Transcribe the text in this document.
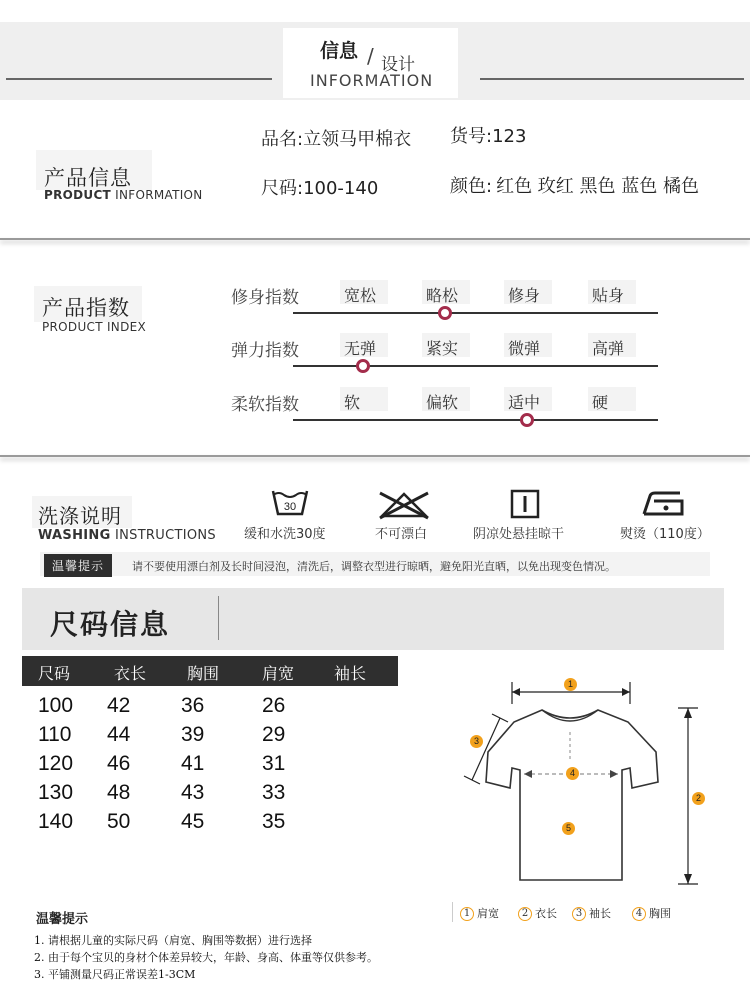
信息 / 设计
INFORMATION
产品信息
PRODUCT INFORMATION
品名:立领马甲棉衣 货号:123
尺码:100-140	颜色: 红色 玫红 黑色 蓝色 橘色
产品指数
PRODUCT INDEX
修身指数	宽松	略松	修身	贴身
弹力指数	无弹	紧实	微弹	高弹
柔软指数	软	偏软	适中	硬
洗涤说明
WASHING INSTRUCTIONS
30
缓和水洗30度	不可漂白	阴凉处悬挂晾干	熨烫（110度）
温馨提示	请不要使用漂白剂及长时间浸泡，清洗后，调整衣型进行晾晒，避免阳光直晒，以免出现变色情况。
尺码信息
尺码	衣长	胸围	肩宽 袖长
100 42 36	26
110 44 39	29
120 46 41	31
130 48 43	33
140 50 45	35
温馨提示
1. 请根据儿童的实际尺码（肩宽、胸围等数据）进行选择
2. 由于每个宝贝的身材个体差异较大，年龄、身高、体重等仅供参考。
3. 平铺测量尺码正常误差1-3CM
1
2
3
4
5
1 肩宽	2 衣长	3 袖长	4 胸围
